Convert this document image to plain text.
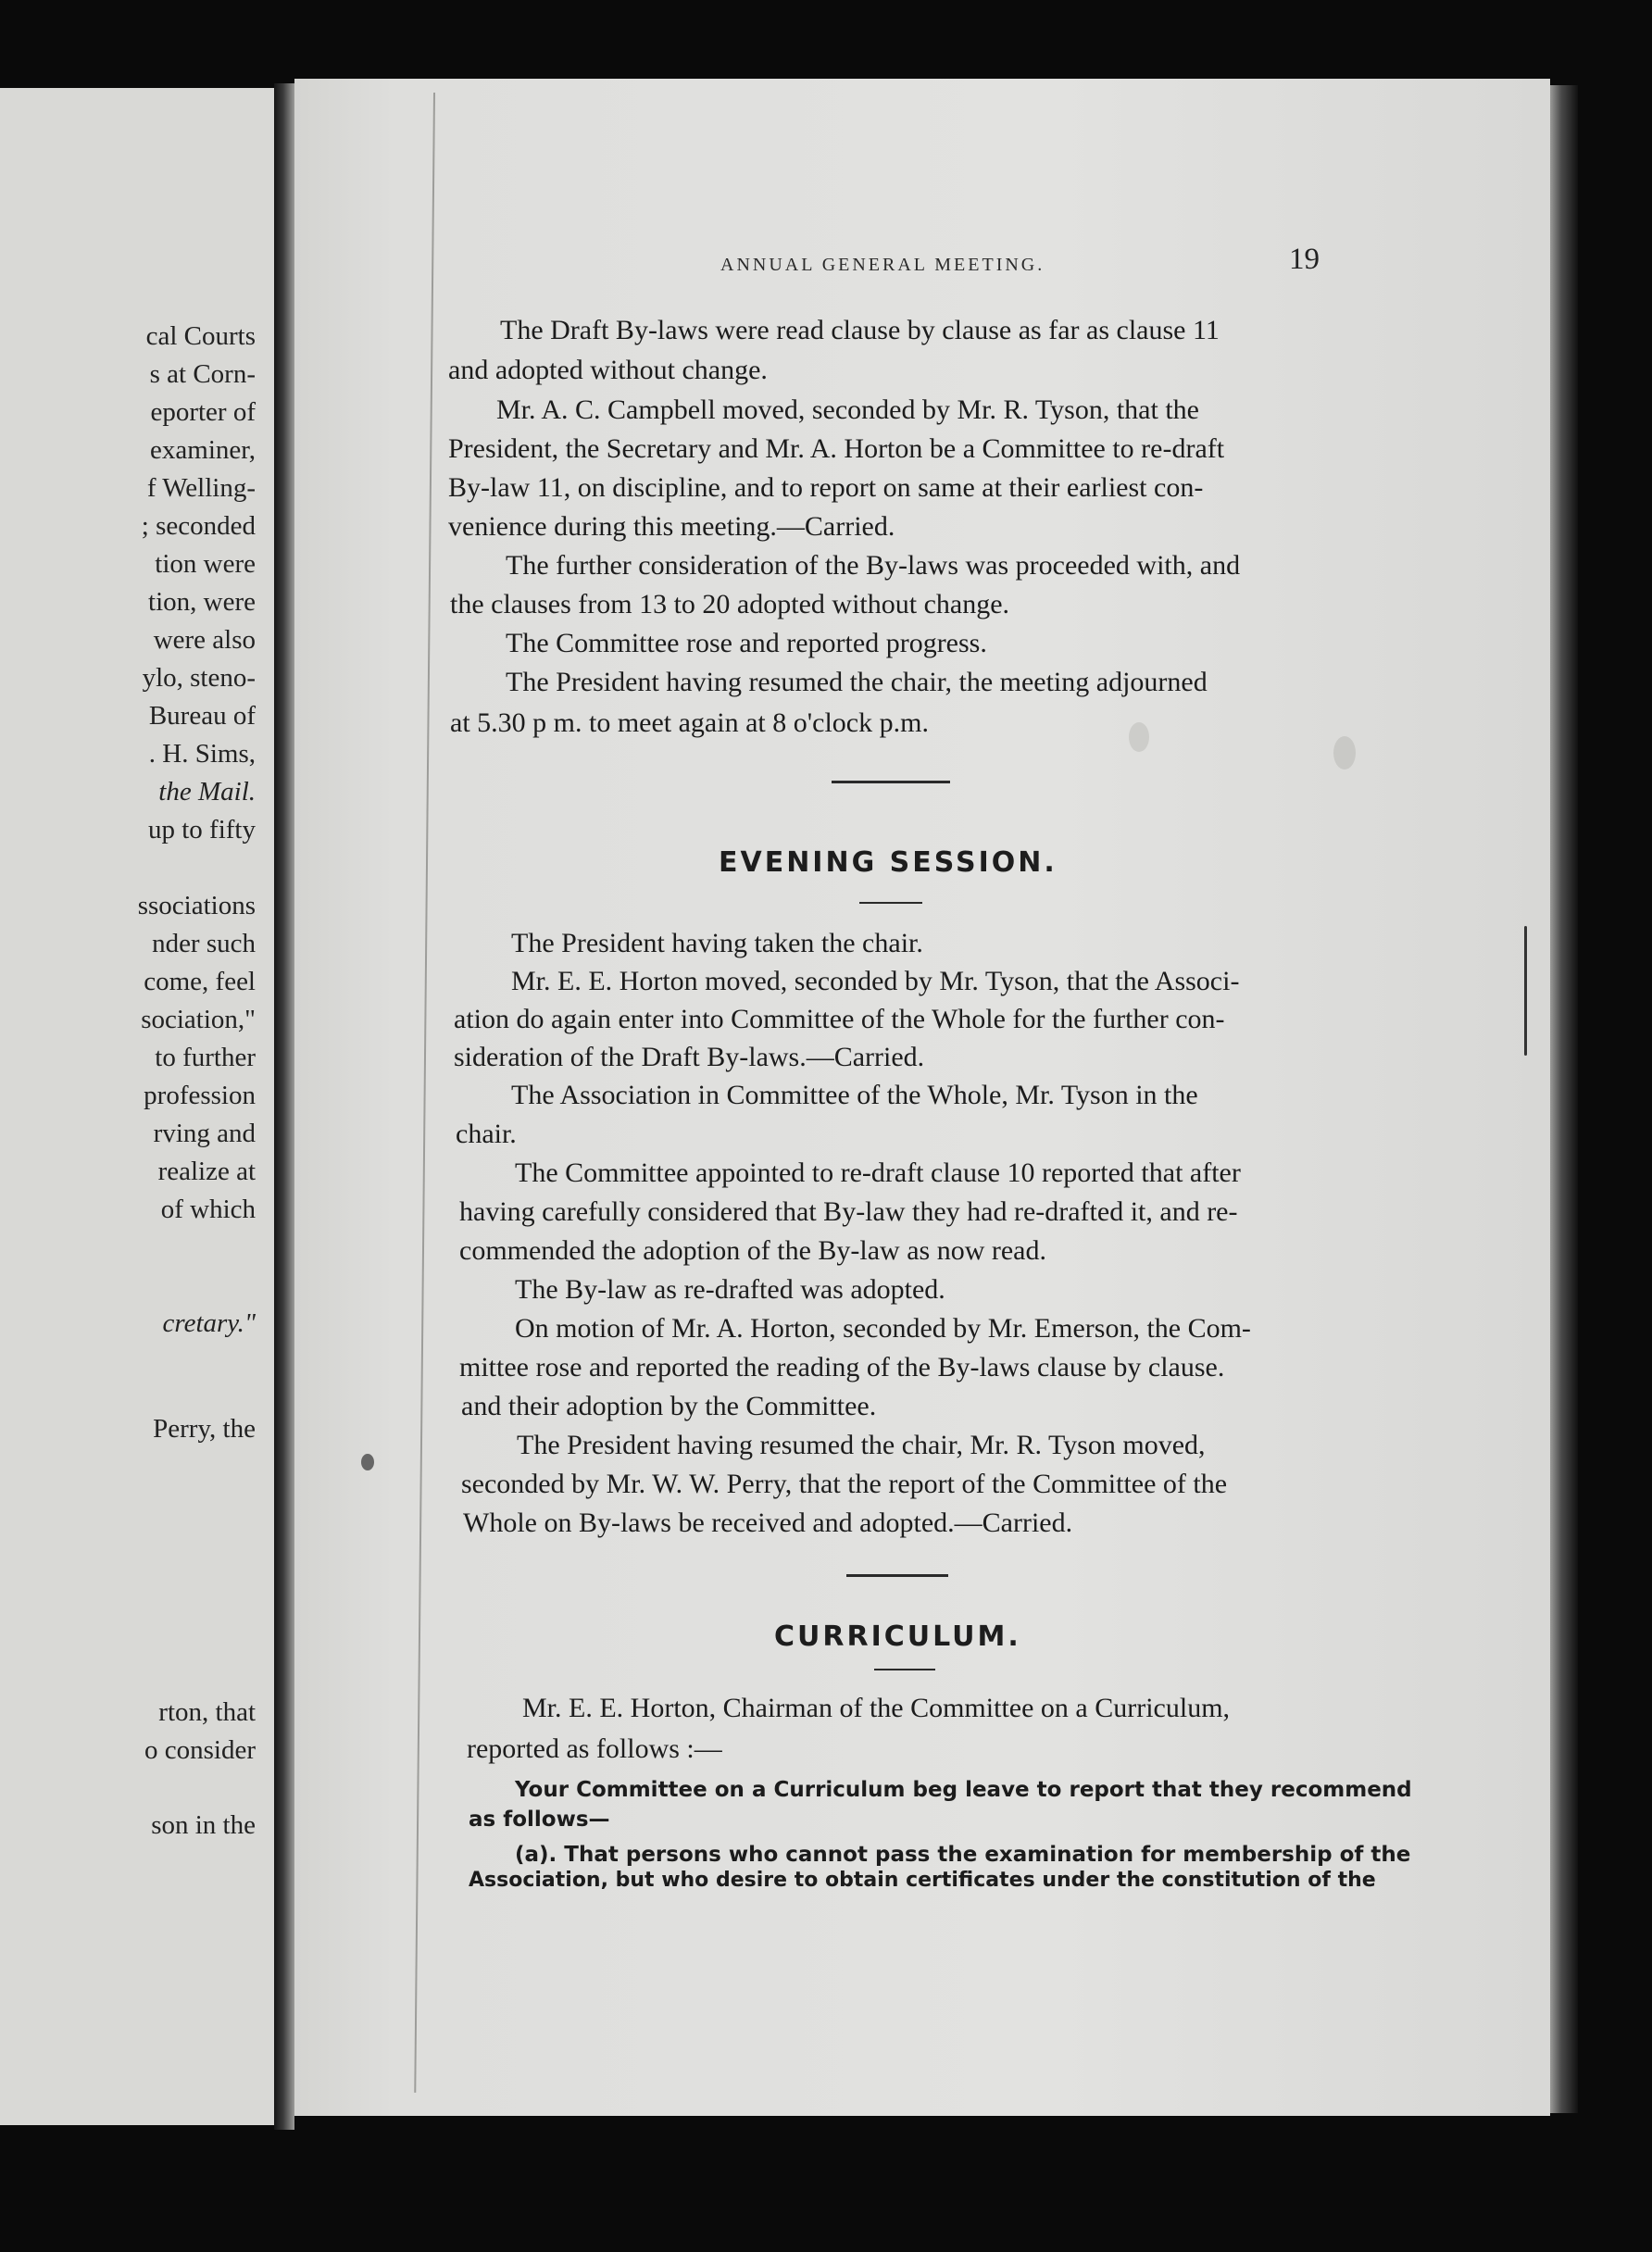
cal Courts
s at Corn-
eporter of
examiner,
f Welling-
; seconded
tion were
tion, were
were also
ylo, steno-
Bureau of
. H. Sims,
the Mail.
up to fifty
ssociations
nder such
come, feel
sociation,"
to further
profession
rving and
realize at
of which
cretary."
Perry, the
rton, that
o consider
son in the
ANNUAL GENERAL MEETING.	19
The Draft By-laws were read clause by clause as far as clause 11
and adopted without change.
Mr. A. C. Campbell moved, seconded by Mr. R. Tyson, that the
President, the Secretary and Mr. A. Horton be a Committee to re-draft
By-law 11, on discipline, and to report on same at their earliest con-
venience during this meeting.—Carried.
The further consideration of the By-laws was proceeded with, and
the clauses from 13 to 20 adopted without change.
The Committee rose and reported progress.
The President having resumed the chair, the meeting adjourned
at 5.30 p m. to meet again at 8 o'clock p.m.
EVENING SESSION.
The President having taken the chair.
Mr. E. E. Horton moved, seconded by Mr. Tyson, that the Associ-
ation do again enter into Committee of the Whole for the further con-
sideration of the Draft By-laws.—Carried.
The Association in Committee of the Whole, Mr. Tyson in the
chair.
The Committee appointed to re-draft clause 10 reported that after
having carefully considered that By-law they had re-drafted it, and re-
commended the adoption of the By-law as now read.
The By-law as re-drafted was adopted.
On motion of Mr. A. Horton, seconded by Mr. Emerson, the Com-
mittee rose and reported the reading of the By-laws clause by clause.
and their adoption by the Committee.
The President having resumed the chair, Mr. R. Tyson moved,
seconded by Mr. W. W. Perry, that the report of the Committee of the
Whole on By-laws be received and adopted.—Carried.
CURRICULUM.
Mr. E. E. Horton, Chairman of the Committee on a Curriculum,
reported as follows :—
Your Committee on a Curriculum beg leave to report that they recommend
as follows—
(a). That persons who cannot pass the examination for membership of the
Association, but who desire to obtain certificates under the constitution of the
